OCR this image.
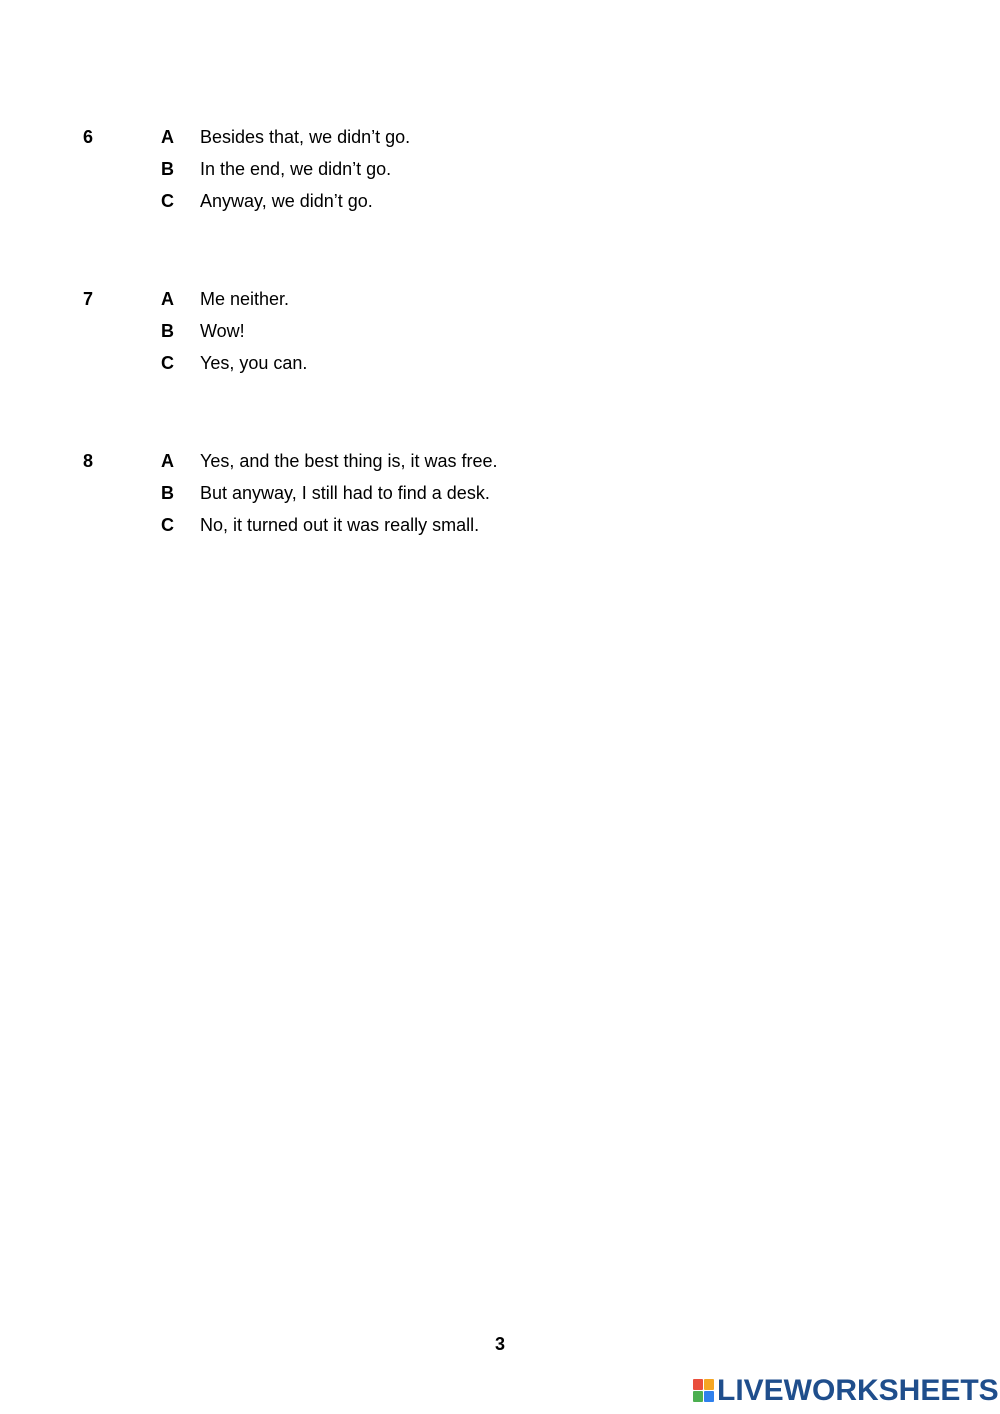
6	A Besides that, we didn’t go.
B In the end, we didn’t go.
C Anyway, we didn’t go.
7	A Me neither.
B Wow!
C Yes, you can.
8	A Yes, and the best thing is, it was free.
B But anyway, I still had to find a desk.
C No, it turned out it was really small.
3
LIVEWORKSHEETS
